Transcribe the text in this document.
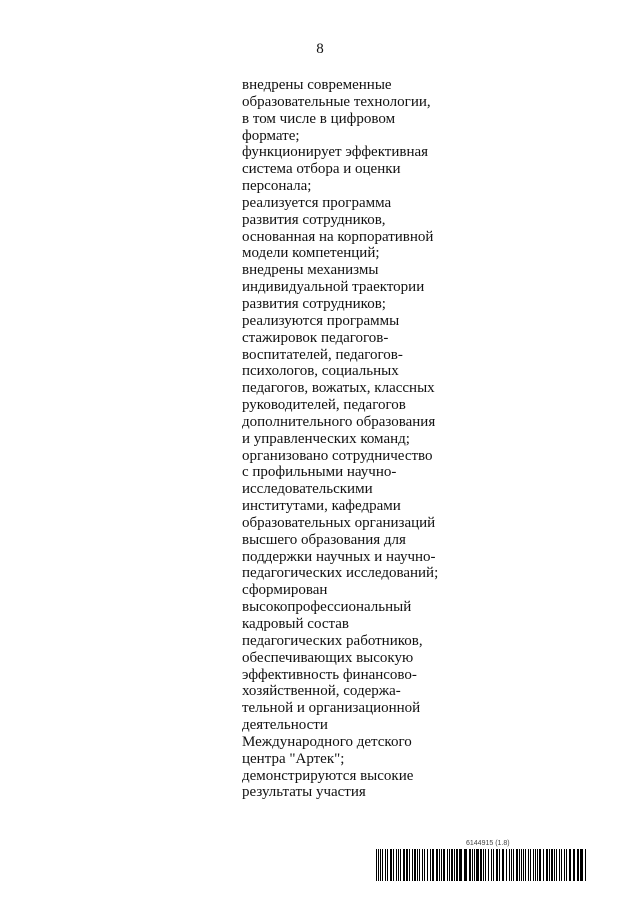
8
внедрены современные
образовательные технологии,
в том числе в цифровом
формате;
функционирует эффективная
система отбора и оценки
персонала;
реализуется программа
развития сотрудников,
основанная на корпоративной
модели компетенций;
внедрены механизмы
индивидуальной траектории
развития сотрудников;
реализуются программы
стажировок педагогов-
воспитателей, педагогов-
психологов, социальных
педагогов, вожатых, классных
руководителей, педагогов
дополнительного образования
и управленческих команд;
организовано сотрудничество
с профильными научно-
исследовательскими
институтами, кафедрами
образовательных организаций
высшего образования для
поддержки научных и научно-
педагогических исследований;
сформирован
высокопрофессиональный
кадровый состав
педагогических работников,
обеспечивающих высокую
эффективность финансово-
хозяйственной, содержа-
тельной и организационной
деятельности
Международного детского
центра "Артек";
демонстрируются высокие
результаты участия
6144915 (1.8)
